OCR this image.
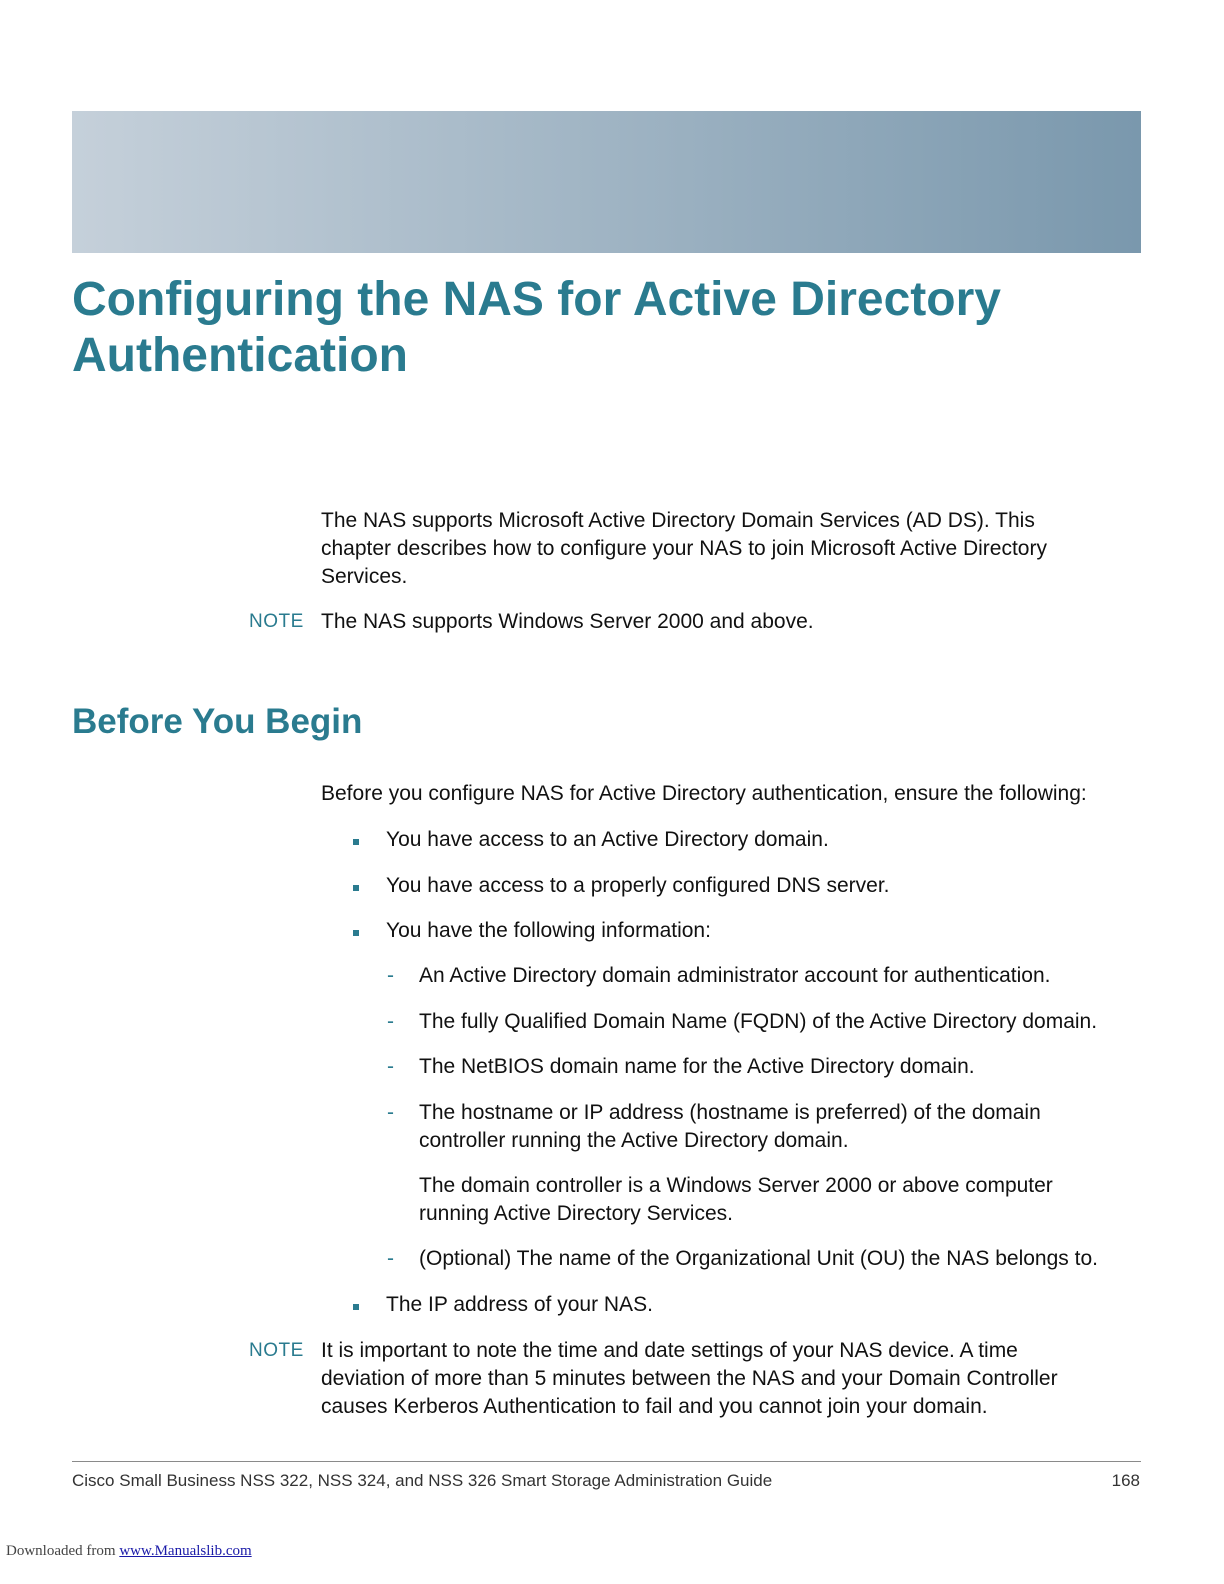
Configuring the NAS for Active Directory
Authentication
The NAS supports Microsoft Active Directory Domain Services (AD DS). This
chapter describes how to configure your NAS to join Microsoft Active Directory
Services.
NOTE The NAS supports Windows Server 2000 and above.
Before You Begin
Before you configure NAS for Active Directory authentication, ensure the following:
You have access to an Active Directory domain.
You have access to a properly configured DNS server.
You have the following information:
- An Active Directory domain administrator account for authentication.
- The fully Qualified Domain Name (FQDN) of the Active Directory domain.
- The NetBIOS domain name for the Active Directory domain.
- The hostname or IP address (hostname is preferred) of the domain
controller running the Active Directory domain.
The domain controller is a Windows Server 2000 or above computer
running Active Directory Services.
- (Optional) The name of the Organizational Unit (OU) the NAS belongs to.
The IP address of your NAS.
NOTE It is important to note the time and date settings of your NAS device. A time
deviation of more than 5 minutes between the NAS and your Domain Controller
causes Kerberos Authentication to fail and you cannot join your domain.
Cisco Small Business NSS 322, NSS 324, and NSS 326 Smart Storage Administration Guide	168
Downloaded from www.Manualslib.com
